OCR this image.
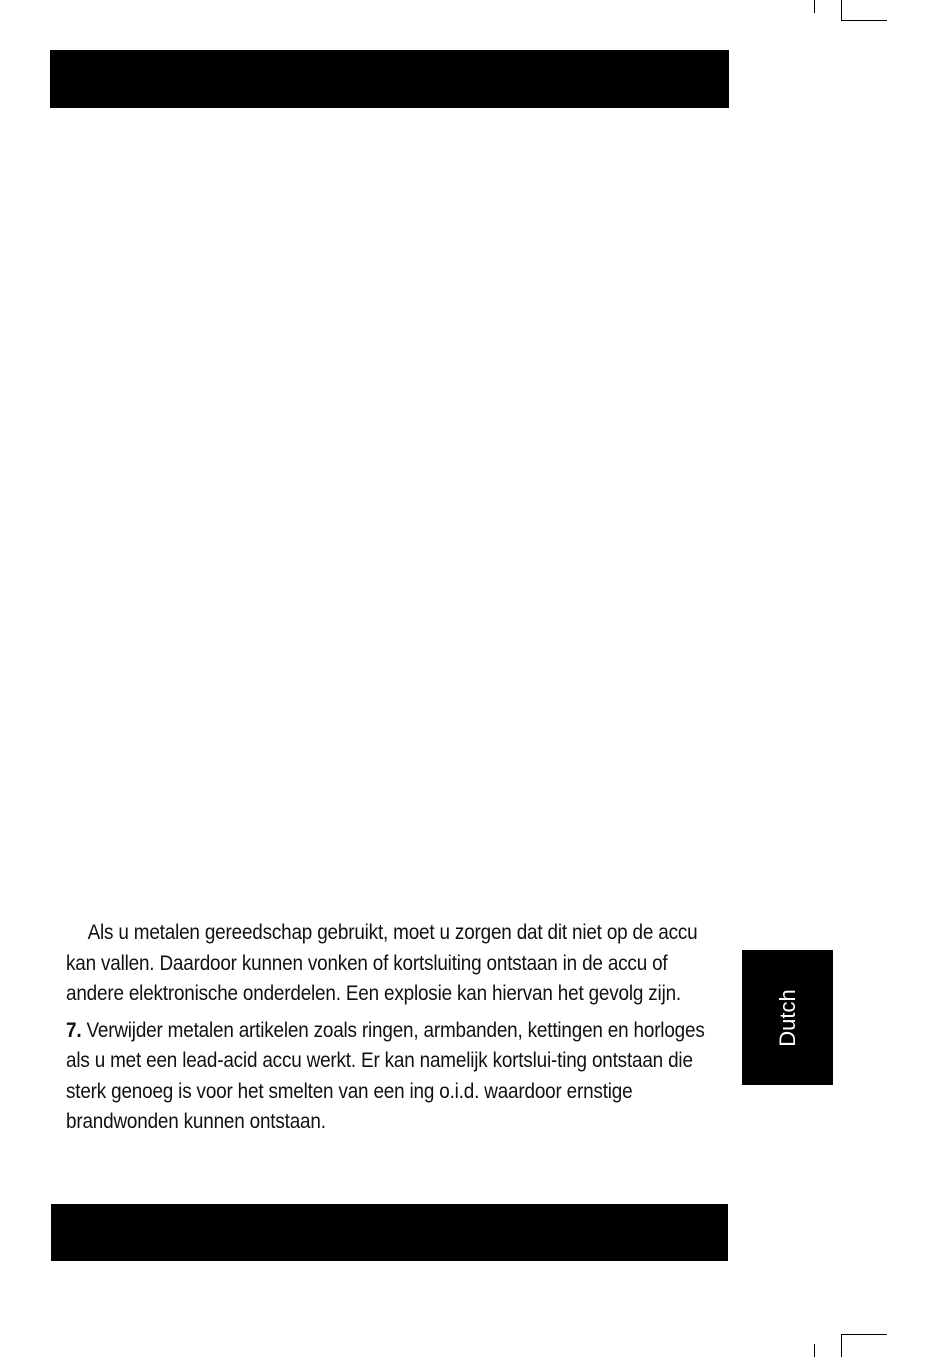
Als u metalen gereedschap gebruikt, moet u zorgen dat dit niet op de accu kan vallen. Daardoor kunnen vonken of kortsluiting ontstaan in de accu of andere elektronische onderdelen. Een explosie kan hiervan het gevolg zijn.

7. Verwijder metalen artikelen zoals ringen, armbanden, kettingen en horloges als u met een lead-acid accu werkt. Er kan namelijk kortslui-ting ontstaan die sterk genoeg is voor het smelten van een ing o.i.d. waardoor ernstige brandwonden kunnen ontstaan.

Dutch
